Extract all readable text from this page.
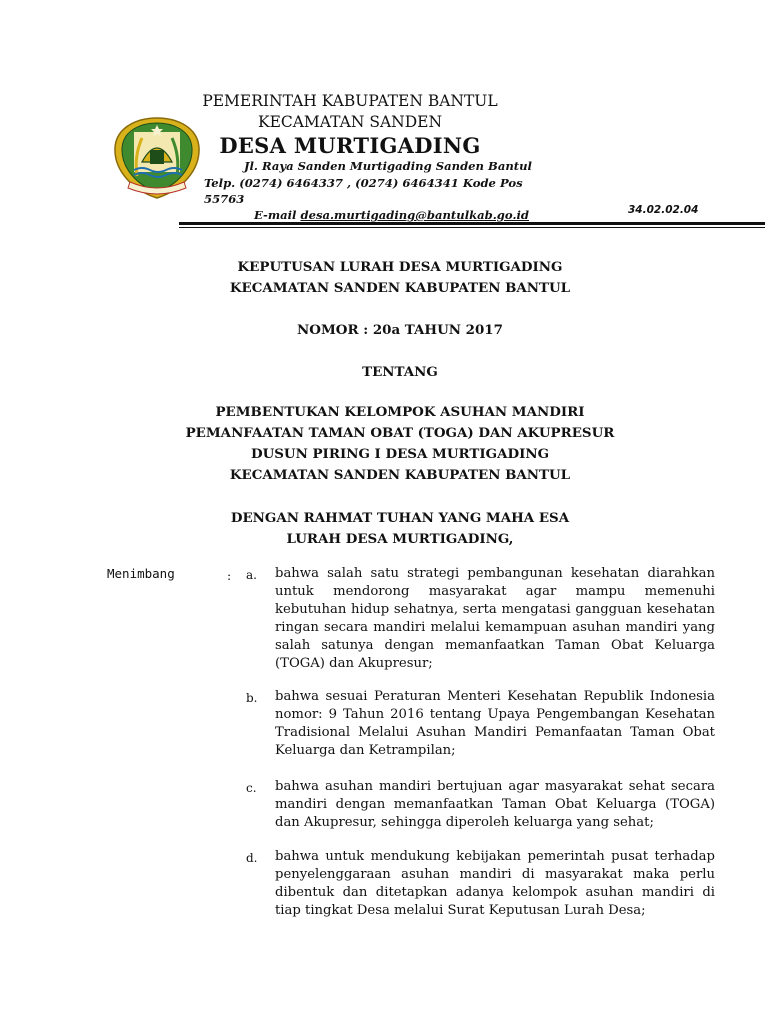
PEMERINTAH KABUPATEN BANTUL
KECAMATAN SANDEN
DESA MURTIGADING
Jl. Raya Sanden Murtigading Sanden Bantul
Telp. (0274) 6464337 , (0274) 6464341 Kode Pos
55763
E-mail desa.murtigading@bantulkab.go.id	34.02.02.04
KEPUTUSAN LURAH DESA MURTIGADING
KECAMATAN SANDEN KABUPATEN BANTUL
NOMOR : 20a TAHUN 2017
TENTANG
PEMBENTUKAN KELOMPOK ASUHAN MANDIRI
PEMANFAATAN TAMAN OBAT (TOGA) DAN AKUPRESUR
DUSUN PIRING I DESA MURTIGADING
KECAMATAN SANDEN KABUPATEN BANTUL
DENGAN RAHMAT TUHAN YANG MAHA ESA
LURAH DESA MURTIGADING,
Menimbang	: a. bahwa salah satu strategi pembangunan kesehatan diarahkan untuk mendorong masyarakat agar mampu memenuhi kebutuhan hidup sehatnya, serta mengatasi gangguan kesehatan ringan secara mandiri melalui kemampuan asuhan mandiri yang salah satunya dengan memanfaatkan Taman Obat Keluarga (TOGA) dan Akupresur;
b. bahwa sesuai Peraturan Menteri Kesehatan Republik Indonesia nomor: 9 Tahun 2016 tentang Upaya Pengembangan Kesehatan Tradisional Melalui Asuhan Mandiri Pemanfaatan Taman Obat Keluarga dan Ketrampilan;
c. bahwa asuhan mandiri bertujuan agar masyarakat sehat secara mandiri dengan memanfaatkan Taman Obat Keluarga (TOGA) dan Akupresur, sehingga diperoleh keluarga yang sehat;
d. bahwa untuk mendukung kebijakan pemerintah pusat terhadap penyelenggaraan asuhan mandiri di masyarakat maka perlu dibentuk dan ditetapkan adanya kelompok asuhan mandiri di tiap tingkat Desa melalui Surat Keputusan Lurah Desa;
